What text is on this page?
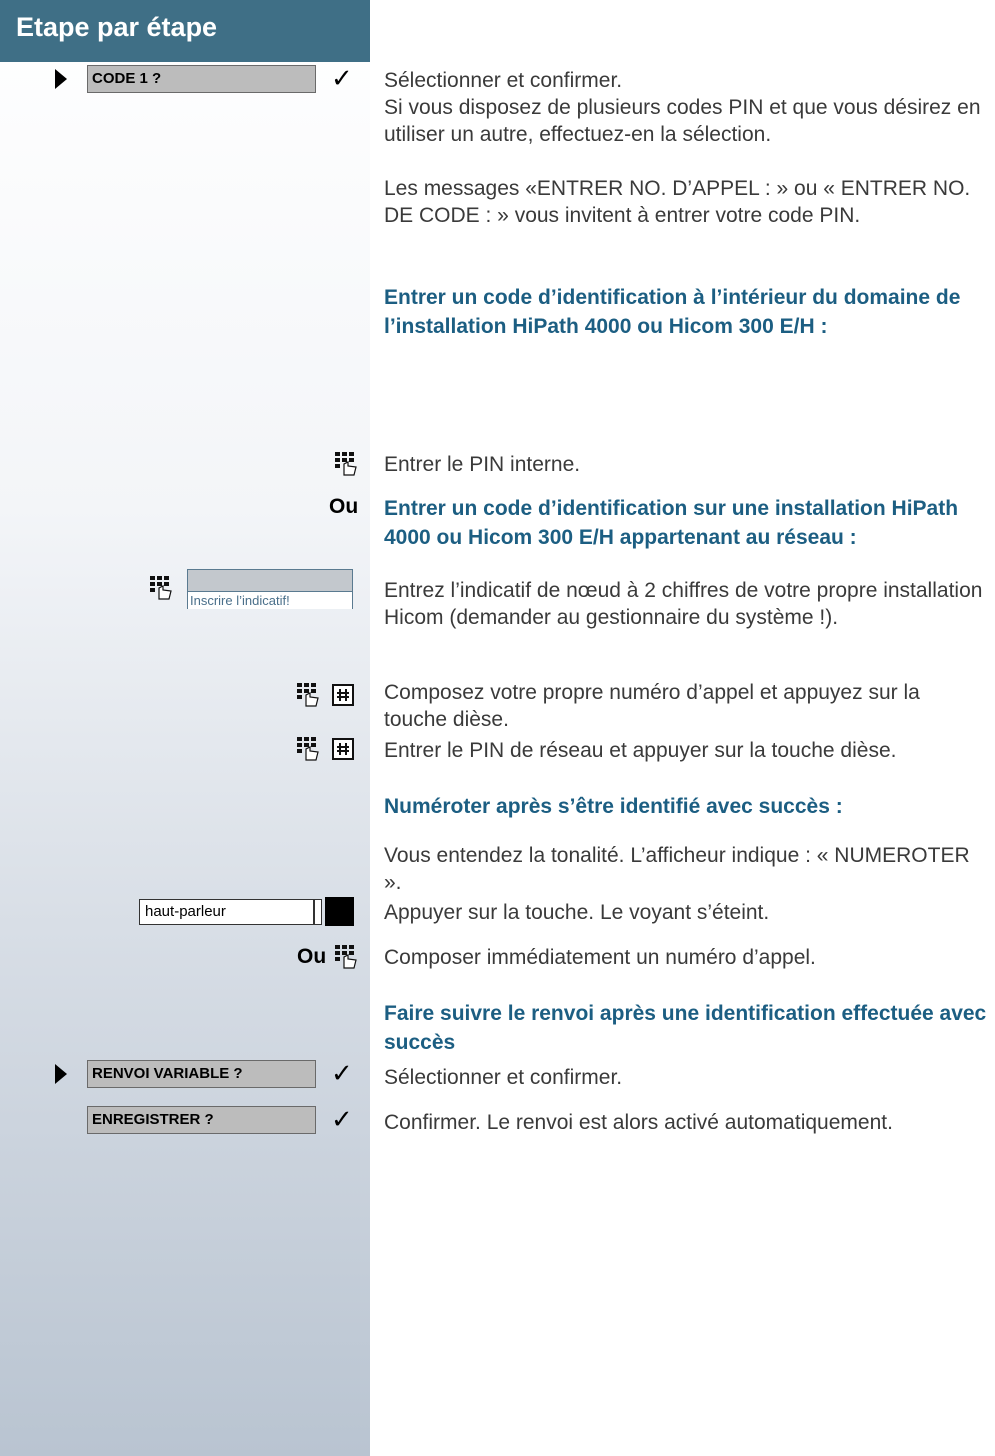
Etape par étape
CODE 1 ?	✓
Ou
Inscrire l’indicatif!
haut-parleur
Ou
RENVOI VARIABLE ?	✓
ENREGISTRER ?	✓
Sélectionner et confirmer.
Si vous disposez de plusieurs codes PIN et que vous désirez en utiliser un autre, effectuez-en la sélection.
Les messages «ENTRER NO. D’APPEL : » ou « ENTRER NO. DE CODE : » vous invitent à entrer votre code PIN.
Entrer un code d’identification à l’intérieur du domaine de l’installation HiPath 4000 ou Hicom 300 E/H :
Entrer le PIN interne.
Entrer un code d’identification sur une installation HiPath 4000 ou Hicom 300 E/H appartenant au réseau :
Entrez l’indicatif de nœud à 2 chiffres de votre propre installation Hicom (demander au gestionnaire du système !).
Composez votre propre numéro d’appel et appuyez sur la touche dièse.
Entrer le PIN de réseau et appuyer sur la touche dièse.
Numéroter après s’être identifié avec succès :
Vous entendez la tonalité. L’afficheur indique : « NUMEROTER ».
Appuyer sur la touche. Le voyant s’éteint.
Composer immédiatement un numéro d’appel.
Faire suivre le renvoi après une identification effectuée avec succès
Sélectionner et confirmer.
Confirmer. Le renvoi est alors activé automatiquement.
